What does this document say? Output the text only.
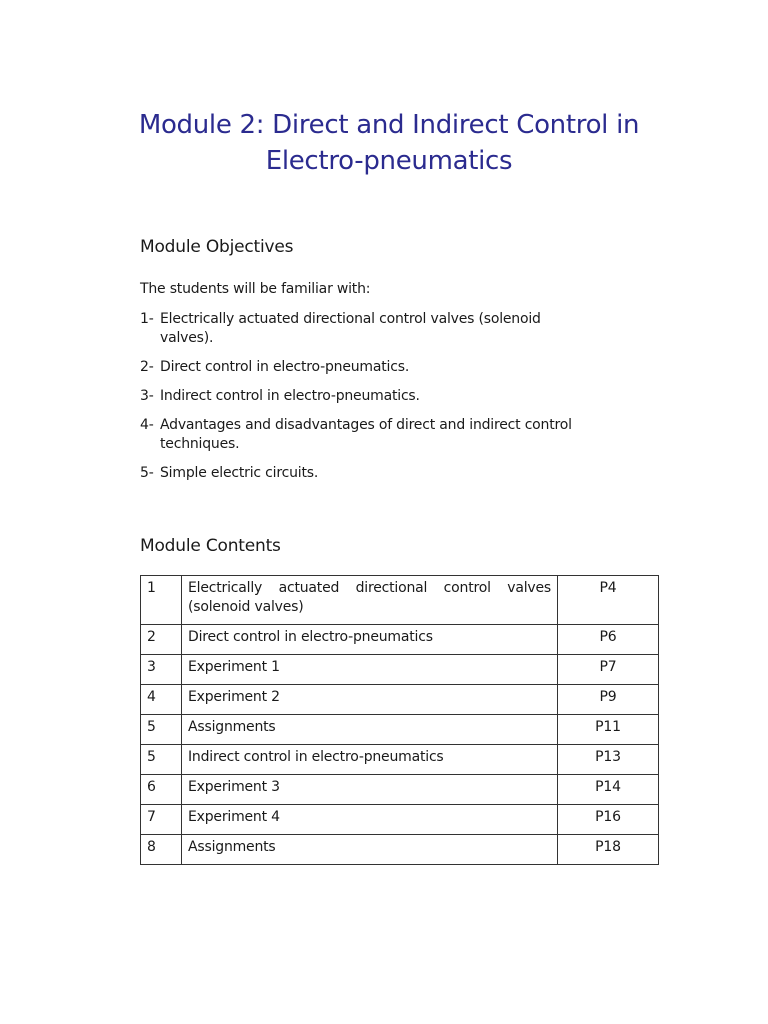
Module 2: Direct and Indirect Control in
Electro-pneumatics
Module Objectives
The students will be familiar with:
1- Electrically actuated directional control valves (solenoid valves).
2- Direct control in electro-pneumatics.
3- Indirect control in electro-pneumatics.
4- Advantages and disadvantages of direct and indirect control techniques.
5- Simple electric circuits.
Module Contents
1	Electrically actuated directional control valves (solenoid valves)	P4
2	Direct control in electro-pneumatics	P6
3	Experiment 1	P7
4	Experiment 2	P9
5	Assignments	P11
5	Indirect control in electro-pneumatics	P13
6	Experiment 3	P14
7	Experiment 4	P16
8	Assignments	P18
